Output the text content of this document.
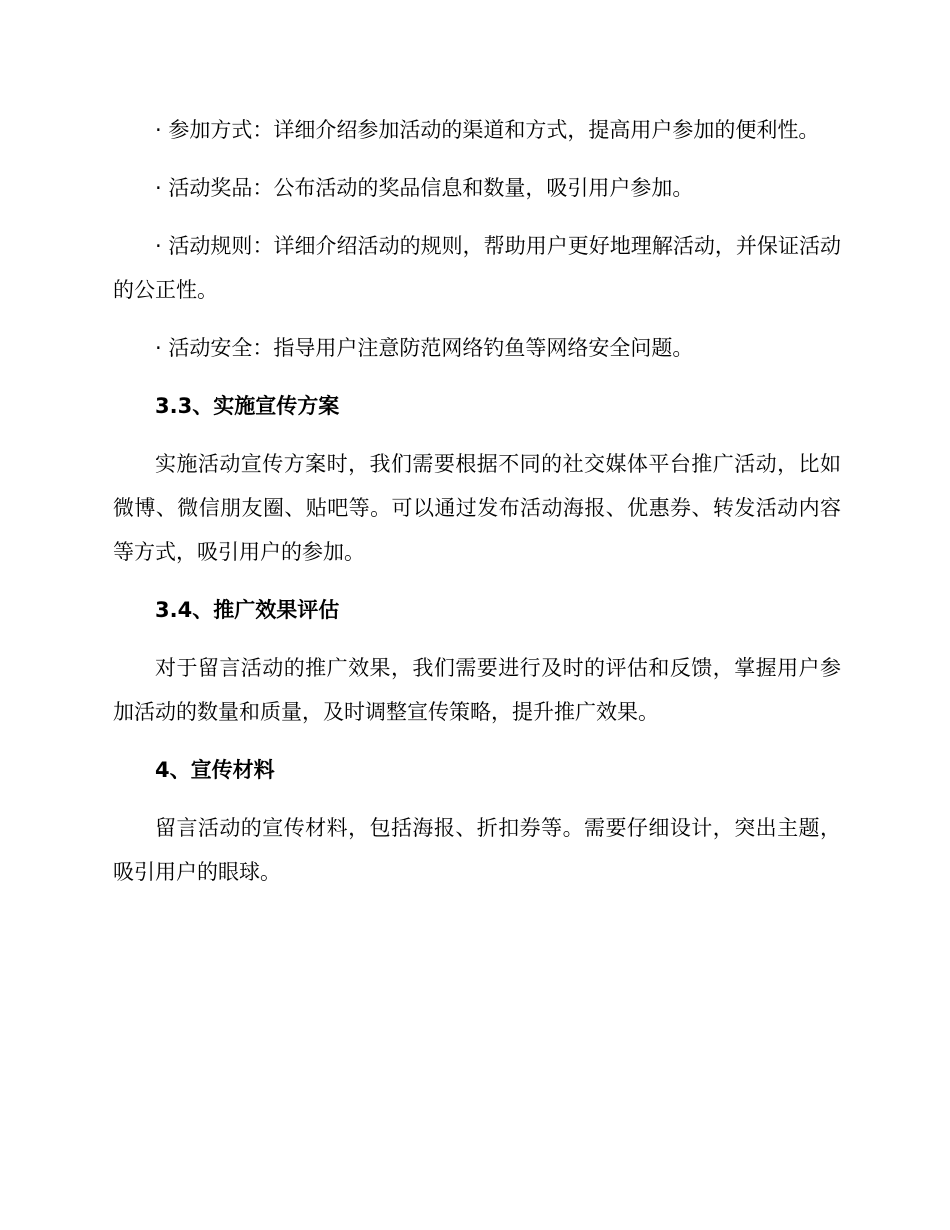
· 参加方式：详细介绍参加活动的渠道和方式，提高用户参加的便利性。

· 活动奖品：公布活动的奖品信息和数量，吸引用户参加。

· 活动规则：详细介绍活动的规则，帮助用户更好地理解活动，并保证活动的公正性。

· 活动安全：指导用户注意防范网络钓鱼等网络安全问题。

3.3、实施宣传方案

实施活动宣传方案时，我们需要根据不同的社交媒体平台推广活动，比如微博、微信朋友圈、贴吧等。可以通过发布活动海报、优惠券、转发活动内容等方式，吸引用户的参加。

3.4、推广效果评估

对于留言活动的推广效果，我们需要进行及时的评估和反馈，掌握用户参加活动的数量和质量，及时调整宣传策略，提升推广效果。

4、宣传材料

留言活动的宣传材料，包括海报、折扣券等。需要仔细设计，突出主题，吸引用户的眼球。
